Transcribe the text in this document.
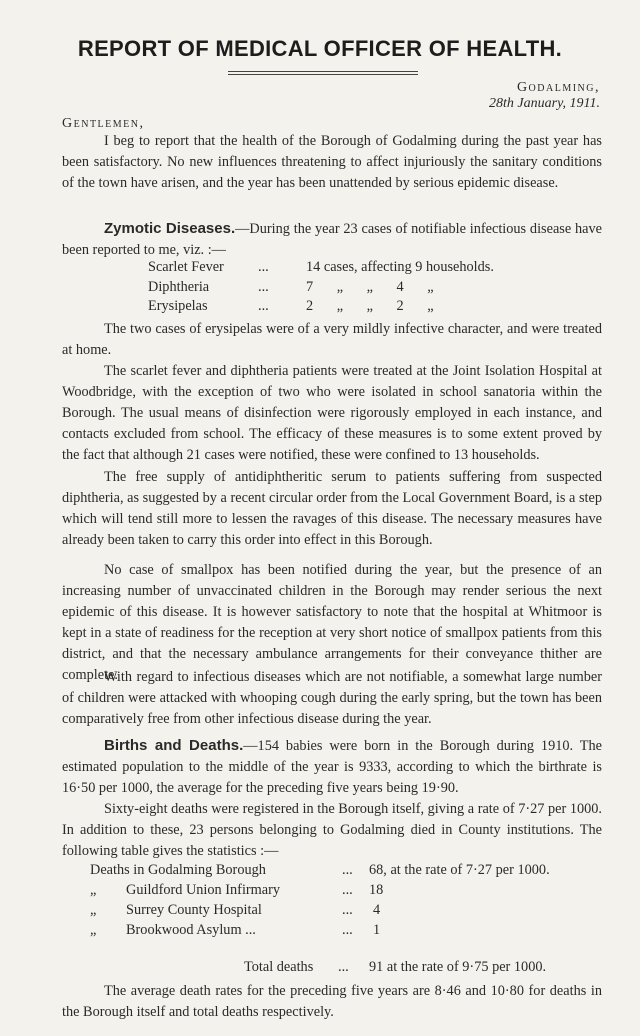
REPORT OF MEDICAL OFFICER OF HEALTH.
Godalming,
28th January, 1911.
Gentlemen,

I beg to report that the health of the Borough of Godalming during the past year has been satisfactory. No new influences threatening to affect injuriously the sanitary conditions of the town have arisen, and the year has been unattended by serious epidemic disease.

Zymotic Diseases.—During the year 23 cases of notifiable infectious disease have been reported to me, viz. :—

Scarlet Fever ...	14 cases, affecting 9 households.
Diphtheria	...	7 „ „ 4 „
Erysipelas	...	2 „ „ 2 „

The two cases of erysipelas were of a very mildly infective character, and were treated at home.

The scarlet fever and diphtheria patients were treated at the Joint Isolation Hospital at Woodbridge, with the exception of two who were isolated in school sanatoria within the Borough. The usual means of disinfection were rigorously employed in each instance, and contacts excluded from school. The efficacy of these measures is to some extent proved by the fact that although 21 cases were notified, these were confined to 13 households.

The free supply of antidiphtheritic serum to patients suffering from suspected diphtheria, as suggested by a recent circular order from the Local Government Board, is a step which will tend still more to lessen the ravages of this disease. The necessary measures have already been taken to carry this order into effect in this Borough.

No case of smallpox has been notified during the year, but the presence of an increasing number of unvaccinated children in the Borough may render serious the next epidemic of this disease. It is however satisfactory to note that the hospital at Whitmoor is kept in a state of readiness for the reception at very short notice of smallpox patients from this district, and that the necessary ambulance arrangements for their conveyance thither are complete.

With regard to infectious diseases which are not notifiable, a somewhat large number of children were attacked with whooping cough during the early spring, but the town has been comparatively free from other infectious disease during the year.

Births and Deaths.—154 babies were born in the Borough during 1910. The estimated population to the middle of the year is 9333, according to which the birthrate is 16·50 per 1000, the average for the preceding five years being 19·90.

Sixty-eight deaths were registered in the Borough itself, giving a rate of 7·27 per 1000. In addition to these, 23 persons belonging to Godalming died in County institutions. The following table gives the statistics :—

Deaths in Godalming Borough	... 68, at the rate of 7·27 per 1000.
„ Guildford Union Infirmary	... 18
„ Surrey County Hospital	... 4
„ Brookwood Asylum ...	... 1
Total deaths ... 91 at the rate of 9·75 per 1000.

The average death rates for the preceding five years are 8·46 and 10·80 for deaths in the Borough itself and total deaths respectively.
